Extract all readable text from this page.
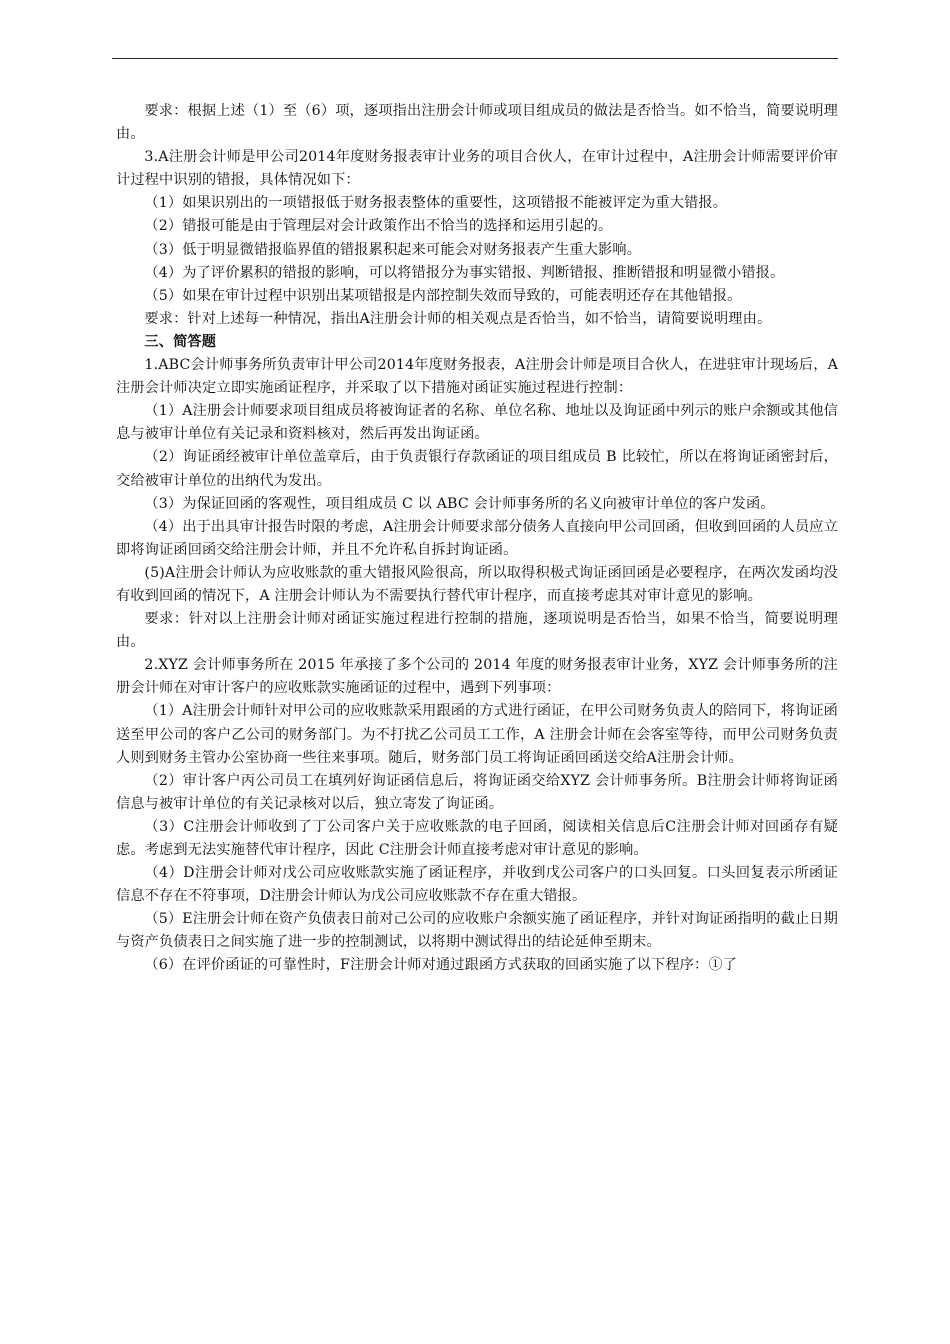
要求：根据上述（1）至（6）项，逐项指出注册会计师或项目组成员的做法是否恰当。如不恰当，简要说明理由。

3.A注册会计师是甲公司2014年度财务报表审计业务的项目合伙人，在审计过程中，A注册会计师需要评价审计过程中识别的错报，具体情况如下：

（1）如果识别出的一项错报低于财务报表整体的重要性，这项错报不能被评定为重大错报。

（2）错报可能是由于管理层对会计政策作出不恰当的选择和运用引起的。

（3）低于明显微错报临界值的错报累积起来可能会对财务报表产生重大影响。

（4）为了评价累积的错报的影响，可以将错报分为事实错报、判断错报、推断错报和明显微小错报。

（5）如果在审计过程中识别出某项错报是内部控制失效而导致的，可能表明还存在其他错报。

要求：针对上述每一种情况，指出A注册会计师的相关观点是否恰当，如不恰当，请简要说明理由。

三、简答题

1.ABC会计师事务所负责审计甲公司2014年度财务报表，A注册会计师是项目合伙人，在进驻审计现场后，A注册会计师决定立即实施函证程序，并采取了以下措施对函证实施过程进行控制：

（1）A注册会计师要求项目组成员将被询证者的名称、单位名称、地址以及询证函中列示的账户余额或其他信息与被审计单位有关记录和资料核对，然后再发出询证函。

（2）询证函经被审计单位盖章后，由于负责银行存款函证的项目组成员 B 比较忙，所以在将询证函密封后，交给被审计单位的出纳代为发出。

（3）为保证回函的客观性，项目组成员 C 以 ABC 会计师事务所的名义向被审计单位的客户发函。

（4）出于出具审计报告时限的考虑，A注册会计师要求部分债务人直接向甲公司回函，但收到回函的人员应立即将询证函回函交给注册会计师，并且不允许私自拆封询证函。

(5)A注册会计师认为应收账款的重大错报风险很高，所以取得积极式询证函回函是必要程序，在两次发函均没有收到回函的情况下，A 注册会计师认为不需要执行替代审计程序，而直接考虑其对审计意见的影响。

要求：针对以上注册会计师对函证实施过程进行控制的措施，逐项说明是否恰当，如果不恰当，简要说明理由。

2.XYZ 会计师事务所在 2015 年承接了多个公司的 2014 年度的财务报表审计业务，XYZ 会计师事务所的注册会计师在对审计客户的应收账款实施函证的过程中，遇到下列事项：

（1）A注册会计师针对甲公司的应收账款采用跟函的方式进行函证，在甲公司财务负责人的陪同下，将询证函送至甲公司的客户乙公司的财务部门。为不打扰乙公司员工工作，A 注册会计师在会客室等待，而甲公司财务负责人则到财务主管办公室协商一些往来事项。随后，财务部门员工将询证函回函送交给A注册会计师。

（2）审计客户丙公司员工在填列好询证函信息后，将询证函交给XYZ 会计师事务所。B注册会计师将询证函信息与被审计单位的有关记录核对以后，独立寄发了询证函。

（3）C注册会计师收到了丁公司客户关于应收账款的电子回函，阅读相关信息后C注册会计师对回函存有疑虑。考虑到无法实施替代审计程序，因此 C注册会计师直接考虑对审计意见的影响。

（4）D注册会计师对戊公司应收账款实施了函证程序，并收到戊公司客户的口头回复。口头回复表示所函证信息不存在不符事项，D注册会计师认为戊公司应收账款不存在重大错报。

（5）E注册会计师在资产负债表日前对己公司的应收账户余额实施了函证程序，并针对询证函指明的截止日期与资产负债表日之间实施了进一步的控制测试，以将期中测试得出的结论延伸至期末。

（6）在评价函证的可靠性时，F注册会计师对通过跟函方式获取的回函实施了以下程序：①了
